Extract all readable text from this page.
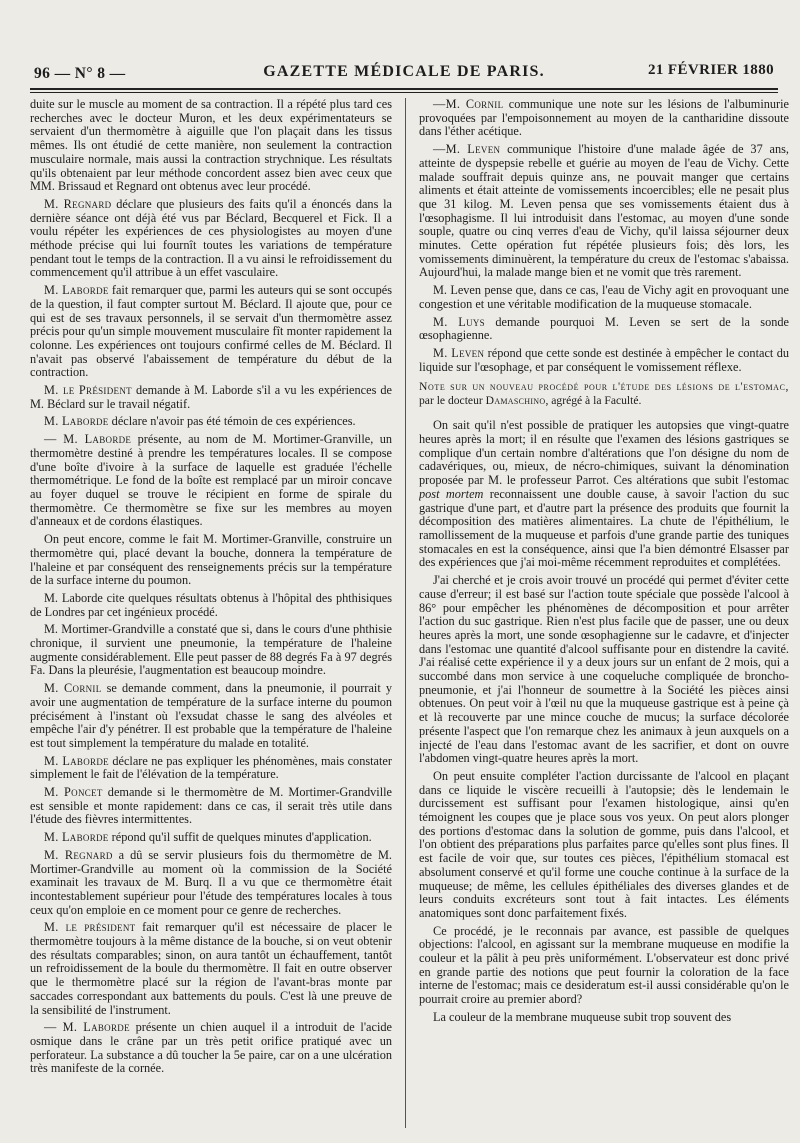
96 — N° 8 —	GAZETTE MÉDICALE DE PARIS.	21 FÉVRIER 1880

duite sur le muscle au moment de sa contraction. Il a répété plus tard ces recherches avec le docteur Muron, et les deux expérimentateurs se servaient d'un thermomètre à aiguille que l'on plaçait dans les tissus mêmes. Ils ont étudié de cette manière, non seulement la contraction musculaire normale, mais aussi la contraction strychnique. Les résultats qu'ils obtenaient par leur méthode concordent assez bien avec ceux que MM. Brissaud et Regnard ont obtenus avec leur procédé.

M. Regnard déclare que plusieurs des faits qu'il a énoncés dans la dernière séance ont déjà été vus par Béclard, Becquerel et Fick. Il a voulu répéter les expériences de ces physiologistes au moyen d'une méthode précise qui lui fournît toutes les variations de température pendant tout le temps de la contraction. Il a vu ainsi le refroidissement du commencement qu'il attribue à un effet vasculaire.

M. Laborde fait remarquer que, parmi les auteurs qui se sont occupés de la question, il faut compter surtout M. Béclard. Il ajoute que, pour ce qui est de ses travaux personnels, il se servait d'un thermomètre assez précis pour qu'un simple mouvement musculaire fît monter rapidement la colonne. Les expériences ont toujours confirmé celles de M. Béclard. Il n'avait pas observé l'abaissement de température du début de la contraction.

M. le Président demande à M. Laborde s'il a vu les expériences de M. Béclard sur le travail négatif.

M. Laborde déclare n'avoir pas été témoin de ces expériences.

— M. Laborde présente, au nom de M. Mortimer-Granville, un thermomètre destiné à prendre les températures locales. Il se compose d'une boîte d'ivoire à la surface de laquelle est graduée l'échelle thermométrique. Le fond de la boîte est remplacé par un miroir concave au foyer duquel se trouve le récipient en forme de spirale du thermomètre. Ce thermomètre se fixe sur les membres au moyen d'anneaux et de cordons élastiques.

On peut encore, comme le fait M. Mortimer-Granville, construire un thermomètre qui, placé devant la bouche, donnera la température de l'haleine et par conséquent des renseignements précis sur la température de la surface interne du poumon.

M. Laborde cite quelques résultats obtenus à l'hôpital des phthisiques de Londres par cet ingénieux procédé.

M. Mortimer-Grandville a constaté que si, dans le cours d'une phthisie chronique, il survient une pneumonie, la température de l'haleine augmente considérablement. Elle peut passer de 88 degrés Fa à 97 degrés Fa. Dans la pleurésie, l'augmentation est beaucoup moindre.

M. Cornil se demande comment, dans la pneumonie, il pourrait y avoir une augmentation de température de la surface interne du poumon précisément à l'instant où l'exsudat chasse le sang des alvéoles et empêche l'air d'y pénétrer. Il est probable que la température de l'haleine est tout simplement la température du malade en totalité.

M. Laborde déclare ne pas expliquer les phénomènes, mais constater simplement le fait de l'élévation de la température.

M. Poncet demande si le thermomètre de M. Mortimer-Grandville est sensible et monte rapidement: dans ce cas, il serait très utile dans l'étude des fièvres intermittentes.

M. Laborde répond qu'il suffit de quelques minutes d'application.

M. Regnard a dû se servir plusieurs fois du thermomètre de M. Mortimer-Grandville au moment où la commission de la Société examinait les travaux de M. Burq. Il a vu que ce thermomètre était incontestablement supérieur pour l'étude des températures locales à tous ceux qu'on emploie en ce moment pour ce genre de recherches.

M. le président fait remarquer qu'il est nécessaire de placer le thermomètre toujours à la même distance de la bouche, si on veut obtenir des résultats comparables; sinon, on aura tantôt un échauffement, tantôt un refroidissement de la boule du thermomètre. Il fait en outre observer que le thermomètre placé sur la région de l'avant-bras monte par saccades correspondant aux battements du pouls. C'est là une preuve de la sensibilité de l'instrument.

— M. Laborde présente un chien auquel il a introduit de l'acide osmique dans le crâne par un très petit orifice pratiqué avec un perforateur. La substance a dû toucher la 5e paire, car on a une ulcération très manifeste de la cornée.

—M. Cornil communique une note sur les lésions de l'albuminurie provoquées par l'empoisonnement au moyen de la cantharidine dissoute dans l'éther acétique.

—M. Leven communique l'histoire d'une malade âgée de 37 ans, atteinte de dyspepsie rebelle et guérie au moyen de l'eau de Vichy. Cette malade souffrait depuis quinze ans, ne pouvait manger que certains aliments et était atteinte de vomissements incoercibles; elle ne pesait plus que 31 kilog. M. Leven pensa que ses vomissements étaient dus à l'œsophagisme. Il lui introduisit dans l'estomac, au moyen d'une sonde souple, quatre ou cinq verres d'eau de Vichy, qu'il laissa séjourner deux minutes. Cette opération fut répétée plusieurs fois; dès lors, les vomissements diminuèrent, la température du creux de l'estomac s'abaissa. Aujourd'hui, la malade mange bien et ne vomit que très rarement.

M. Leven pense que, dans ce cas, l'eau de Vichy agit en provoquant une congestion et une véritable modification de la muqueuse stomacale.

M. Luys demande pourquoi M. Leven se sert de la sonde œsophagienne.

M. Leven répond que cette sonde est destinée à empêcher le contact du liquide sur l'œsophage, et par conséquent le vomissement réflexe.

Note sur un nouveau procédé pour l'étude des lésions de l'estomac, par le docteur Damaschino, agrégé à la Faculté.

On sait qu'il n'est possible de pratiquer les autopsies que vingt-quatre heures après la mort; il en résulte que l'examen des lésions gastriques se complique d'un certain nombre d'altérations que l'on désigne du nom de cadavériques, ou, mieux, de nécro-chimiques, suivant la dénomination proposée par M. le professeur Parrot. Ces altérations que subit l'estomac post mortem reconnaissent une double cause, à savoir l'action du suc gastrique d'une part, et d'autre part la présence des produits que fournit la décomposition des matières alimentaires. La chute de l'épithélium, le ramollissement de la muqueuse et parfois d'une grande partie des tuniques stomacales en est la conséquence, ainsi que l'a bien démontré Elsasser par des expériences que j'ai moi-même récemment reproduites et complétées.

J'ai cherché et je crois avoir trouvé un procédé qui permet d'éviter cette cause d'erreur; il est basé sur l'action toute spéciale que possède l'alcool à 86° pour empêcher les phénomènes de décomposition et pour arrêter l'action du suc gastrique. Rien n'est plus facile que de passer, une ou deux heures après la mort, une sonde œsophagienne sur le cadavre, et d'injecter dans l'estomac une quantité d'alcool suffisante pour en distendre la cavité. J'ai réalisé cette expérience il y a deux jours sur un enfant de 2 mois, qui a succombé dans mon service à une coqueluche compliquée de broncho-pneumonie, et j'ai l'honneur de soumettre à la Société les pièces ainsi obtenues. On peut voir à l'œil nu que la muqueuse gastrique est à peine çà et là recouverte par une mince couche de mucus; la surface décolorée présente l'aspect que l'on remarque chez les animaux à jeun auxquels on a injecté de l'eau dans l'estomac avant de les sacrifier, et dont on ouvre l'abdomen vingt-quatre heures après la mort.

On peut ensuite compléter l'action durcissante de l'alcool en plaçant dans ce liquide le viscère recueilli à l'autopsie; dès le lendemain le durcissement est suffisant pour l'examen histologique, ainsi qu'en témoignent les coupes que je place sous vos yeux. On peut alors plonger des portions d'estomac dans la solution de gomme, puis dans l'alcool, et l'on obtient des préparations plus parfaites parce qu'elles sont plus fines. Il est facile de voir que, sur toutes ces pièces, l'épithélium stomacal est absolument conservé et qu'il forme une couche continue à la surface de la muqueuse; de même, les cellules épithéliales des diverses glandes et de leurs conduits excréteurs sont tout à fait intactes. Les éléments anatomiques sont donc parfaitement fixés.

Ce procédé, je le reconnais par avance, est passible de quelques objections: l'alcool, en agissant sur la membrane muqueuse en modifie la couleur et la pâlit à peu près uniformément. L'observateur est donc privé en grande partie des notions que peut fournir la coloration de la face interne de l'estomac; mais ce desideratum est-il aussi considérable qu'on le pourrait croire au premier abord?

La couleur de la membrane muqueuse subit trop souvent des
